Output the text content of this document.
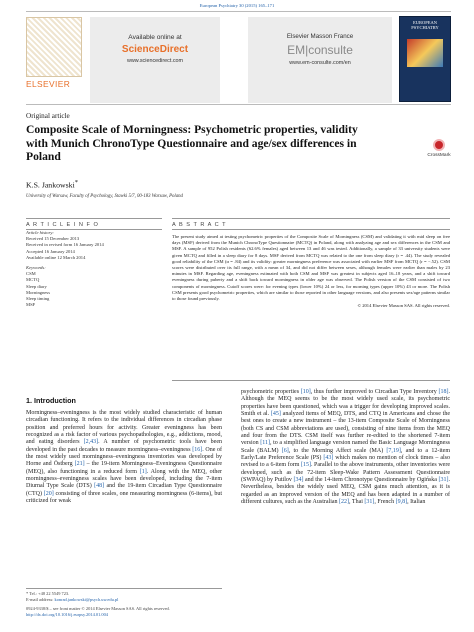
European Psychiatry 30 (2015) 165–171
ELSEVIER
Available online at
ScienceDirect
www.sciencedirect.com
Elsevier Masson France
EM|consulte
www.em-consulte.com/en
EUROPEAN PSYCHIATRY
Original article
Composite Scale of Morningness: Psychometric properties, validity with Munich ChronoType Questionnaire and age/sex differences in Poland	CrossMark
K.S. Jankowski*
University of Warsaw, Faculty of Psychology, Stawki 5/7, 00-183 Warsaw, Poland
A R T I C L E I N F O	A B S T R A C T
Article history:
Received 15 December 2013
Received in revised form 16 January 2014
Accepted 16 January 2014
Available online 12 March 2014
Keywords:
CSM
MCTQ
Sleep diary
Morningness
Sleep timing
MSF
The present study aimed at testing psychometric properties of the Composite Scale of Morningness (CSM) and validating it with mid sleep on free days (MSF) derived from the Munich ChronoType Questionnaire (MCTQ) in Poland, along with analyzing age and sex differences in the CSM and MSF. A sample of 952 Polish residents (62.6% females) aged between 13 and 46 was tested. Additionally, a sample of 33 university students were given MCTQ and filled in a sleep diary for 8 days. MSF derived from MCTQ was related to the one from sleep diary (r = .44). The study revealed good reliability of the CSM (α = .84) and its validity: greater morningness preference was associated with earlier MSF from MCTQ (r = −.52). CSM scores were distributed over its full range, with a mean of 34, and did not differ between sexes, although females were earlier than males by 23 minutes in MSF. Regarding age, eveningness estimated with both CSM and MSF was greatest in subjects aged 16–18 years, and a shift toward eveningness during puberty and a shift back toward morningness in older age was observed. The Polish version of the CSM consisted of two components of morningness. Cutoff scores were: for evening types (lower 10%) 24 or less, for morning types (upper 10%) 43 or more. The Polish CSM presents good psychometric properties, which are similar to those reported in other language versions, and also presents sex/age patterns similar to those found previously.
© 2014 Elsevier Masson SAS. All rights reserved.
1. Introduction
Morningness–eveningness is the most widely studied characteristic of human circadian functioning. It refers to the individual differences in circadian phase position and preferred hours for activity. Greater eveningness has been recognized as a risk factor of various psychopathologies, e.g., addictions, mood, and eating disorders [2,43]. A number of psychometric tools have been developed in the past decades to measure morningness–eveningness [16]. One of the most widely used morningness–eveningness inventories was developed by Horne and Östberg [21] – the 19-item Morningness–Eveningness Questionnaire (MEQ), also functioning in a reduced form [1]. Along with the MEQ, other morningness–eveningness scales have been developed, including the 7-item Diurnal Type Scale (DTS) [48] and the 19-item Circadian Type Questionnaire (CTQ) [20] consisting of three scales, one measuring morningness (6-items), but criticized for weak
psychometric properties [10], thus further improved to Circadian Type Inventory [18]. Although the MEQ seems to be the most widely used scale, its psychometric properties have been questioned, which was a trigger for developing improved scales. Smith et al. [45] analyzed items of MEQ, DTS, and CTQ in Americans and chose the best ones to create a new instrument – the 13-item Composite Scale of Morningness (both CS and CSM abbreviations are used), consisting of nine items from the MEQ and four from the DTS. CSM itself was further re-edited to the shortened 7-item version [11], to a simplified language version named the Basic Language Morningness Scale (BALM) [6], to the Morning Affect scale (MA) [7,19], and to a 12-item Early/Late Preference Scale (PS) [43] which makes no mention of clock times – also revised to a 6-item form [15]. Parallel to the above instruments, other inventories were developed, such as the 72-item Sleep-Wake Pattern Assessment Questionnaire (SWPAQ) by Putilov [34] and the 14-item Chronotype Questionnaire by Ogińska [31]. Nevertheless, besides the widely used MEQ, CSM gains much attention, as it is regarded as an improved version of the MEQ and has been adapted in a number of different cultures, such as the Australian [22], Thai [31], French [9,8], Italian
* Tel.: +48 22 5549 723.
E-mail address: konrad.jankowski@psych.uw.edu.pl
0924-9338/$ – see front matter © 2014 Elsevier Masson SAS. All rights reserved.
http://dx.doi.org/10.1016/j.eurpsy.2014.01.004
